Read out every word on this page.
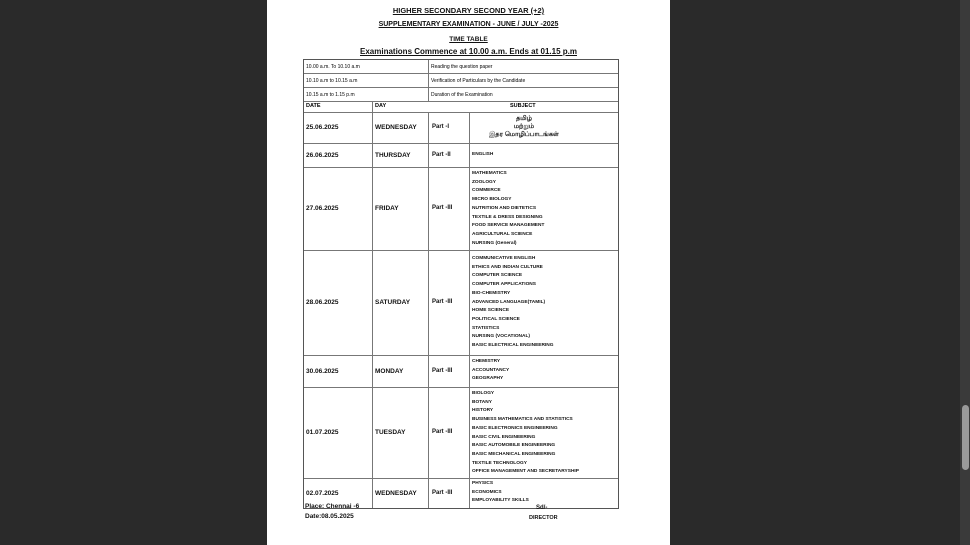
HIGHER SECONDARY SECOND YEAR (+2)
SUPPLEMENTARY EXAMINATION - JUNE / JULY -2025
TIME TABLE
Examinations Commence at 10.00 a.m. Ends at 01.15 p.m
10.00 a.m. To 10.10 a.m	Reading the question paper
10.10 a.m to 10.15 a.m	Verification of Particulars by the Candidate
10.15 a.m to 1.15 p.m	Duration of the Examination
DATE	DAY	SUBJECT
25.06.2025	WEDNESDAY	Part -I
தமிழ்
மற்றும்
இதர மொழிப்பாடங்கள்
26.06.2025	THURSDAY	Part -II	ENGLISH
27.06.2025	FRIDAY	Part -III
MATHEMATICS
ZOOLOGY
COMMERCE
MICRO BIOLOGY
NUTRITION AND DIETETICS
TEXTILE & DRESS DESIGNING
FOOD SERVICE MANAGEMENT
AGRICULTURAL SCIENCE
NURSING (General)
28.06.2025	SATURDAY	Part -III
COMMUNICATIVE ENGLISH
ETHICS AND INDIAN CULTURE
COMPUTER SCIENCE
COMPUTER APPLICATIONS
BIO-CHEMISTRY
ADVANCED LANGUAGE(TAMIL)
HOME SCIENCE
POLITICAL SCIENCE
STATISTICS
NURSING (VOCATIONAL)
BASIC ELECTRICAL ENGINEERING
30.06.2025	MONDAY	Part -III
CHEMISTRY
ACCOUNTANCY
GEOGRAPHY
01.07.2025	TUESDAY	Part -III
BIOLOGY
BOTANY
HISTORY
BUSINESS MATHEMATICS AND STATISTICS
BASIC ELECTRONICS ENGINEERING
BASIC CIVIL ENGINEERING
BASIC AUTOMOBILE ENGINEERING
BASIC MECHANICAL ENGINEERING
TEXTILE TECHNOLOGY
OFFICE MANAGEMENT AND SECRETARYSHIP
02.07.2025	WEDNESDAY	Part -III
PHYSICS
ECONOMICS
EMPLOYABILITY SKILLS
Place: Chennai -6
Date:08.05.2025
Sd/-
DIRECTOR
